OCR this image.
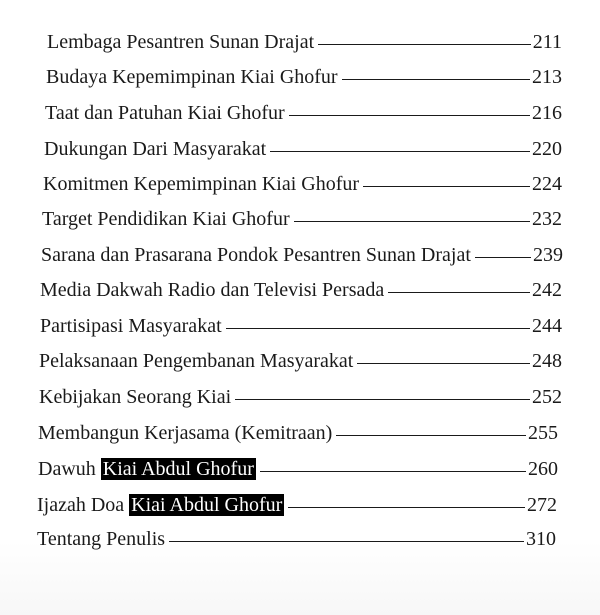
Lembaga Pesantren Sunan Drajat	211
Budaya Kepemimpinan Kiai Ghofur	213
Taat dan Patuhan Kiai Ghofur	216
Dukungan Dari Masyarakat	220
Komitmen Kepemimpinan Kiai Ghofur	224
Target Pendidikan Kiai Ghofur	232
Sarana dan Prasarana Pondok Pesantren Sunan Drajat	239
Media Dakwah Radio dan Televisi Persada	242
Partisipasi Masyarakat	244
Pelaksanaan Pengembanan Masyarakat	248
Kebijakan Seorang Kiai	252
Membangun Kerjasama (Kemitraan)	255
Dawuh Kiai Abdul Ghofur	260
Ijazah Doa Kiai Abdul Ghofur	272
Tentang Penulis	310
